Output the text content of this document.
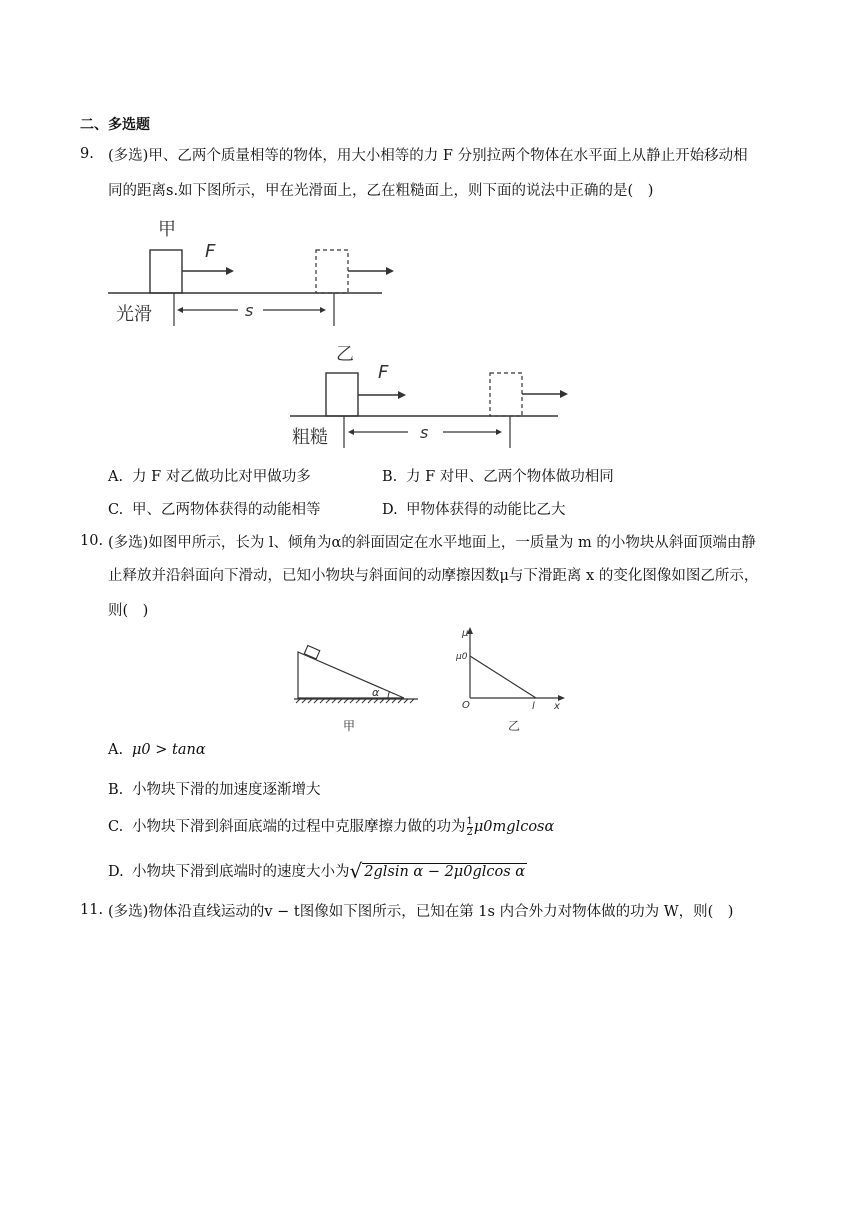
二、多选题
9. (多选)甲、乙两个质量相等的物体，用大小相等的力 F 分别拉两个物体在水平面上从静止开始移动相
同的距离s.如下图所示，甲在光滑面上，乙在粗糙面上，则下面的说法中正确的是(　)
甲
F
光滑	s
乙
F
粗糙	s
A. 力 F 对乙做功比对甲做功多	B. 力 F 对甲、乙两个物体做功相同
C. 甲、乙两物体获得的动能相等	D. 甲物体获得的动能比乙大
10. (多选)如图甲所示，长为 l、倾角为α的斜面固定在水平地面上，一质量为 m 的小物块从斜面顶端由静
止释放并沿斜面向下滑动，已知小物块与斜面间的动摩擦因数μ与下滑距离 x 的变化图像如图乙所示，
则(　)
α
甲
μ
μ0
O	l x
乙
A. μ0 > tanα
B. 小物块下滑的加速度逐渐增大
C. 小物块下滑到斜面底端的过程中克服摩擦力做的功为 $\frac{1}{2} \mu 0mglcos\alpha$
D. 小物块下滑到底端时的速度大小为√ 2glsin α − 2μ0glcos α
11. (多选)物体沿直线运动的v − t图像如下图所示，已知在第 1s 内合外力对物体做的功为 W，则(　)
